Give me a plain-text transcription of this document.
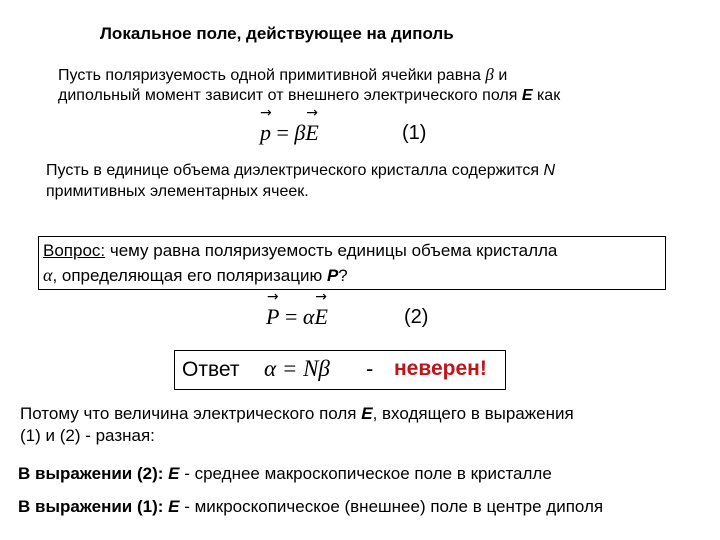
Локальное поле, действующее на диполь
Пусть поляризуемость одной примитивной ячейки равна β и
дипольный момент зависит от внешнего электрического поля E как
→ p = β→ E	(1)
Пусть в единице объема диэлектрического кристалла содержится N
примитивных элементарных ячеек.
Вопрос: чему равна поляризуемость единицы объема кристалла
α, определяющая его поляризацию P?
→ P = α→ E	(2)
Ответ α = Nβ - неверен!
Потому что величина электрического поля E, входящего в выражения
(1) и (2) - разная:
В выражении (2): E - среднее макроскопическое поле в кристалле
В выражении (1): E - микроскопическое (внешнее) поле в центре диполя
